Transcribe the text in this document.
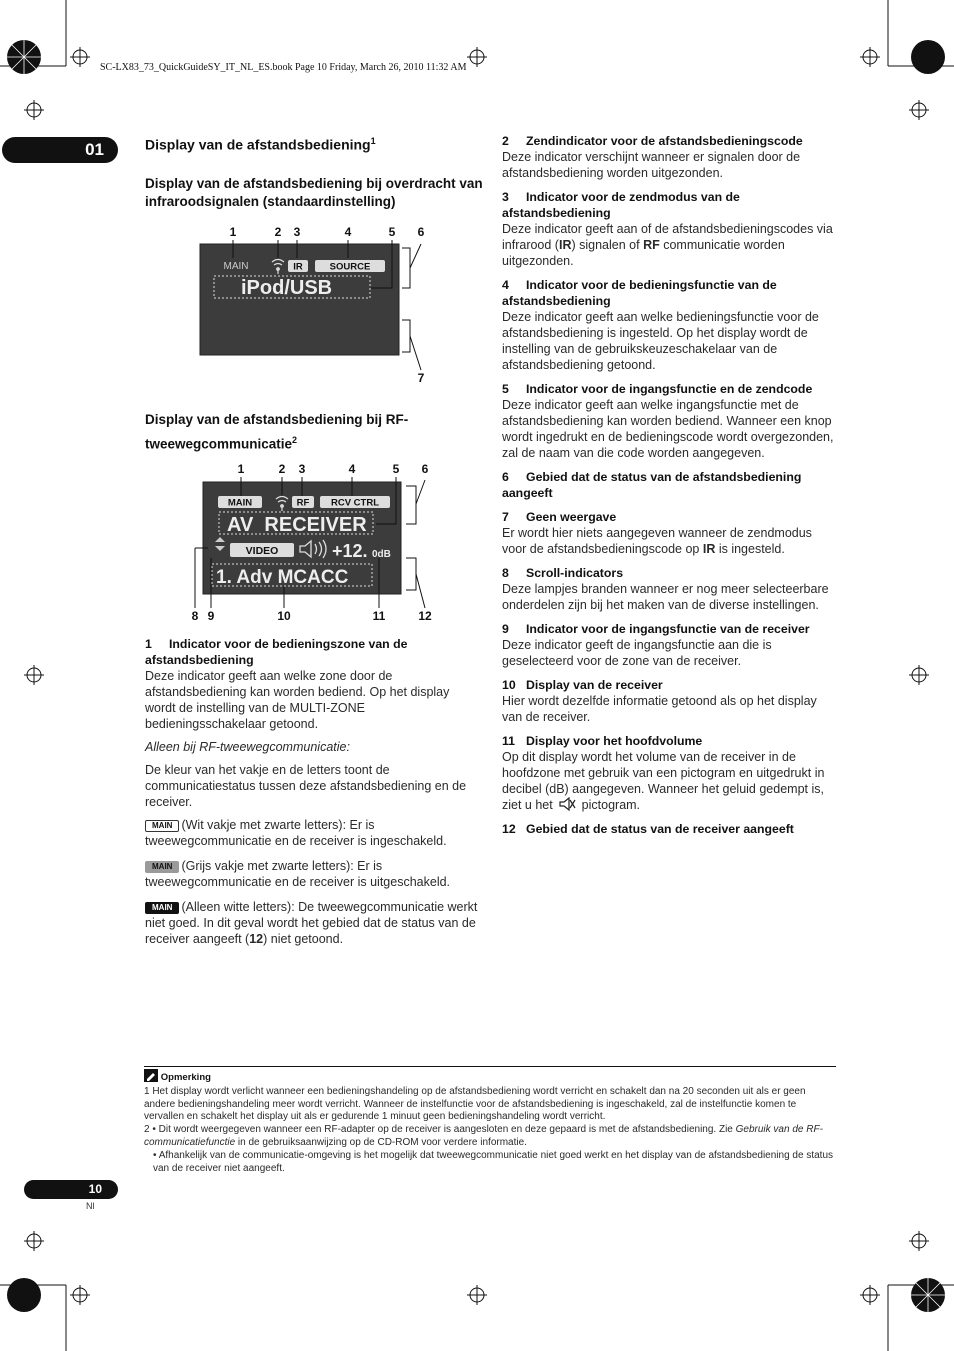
SC-LX83_73_QuickGuideSY_IT_NL_ES.book Page 10 Friday, March 26, 2010 11:32 AM
01	Display van de afstandsbediening$^1$
Display van de afstandsbediening bij overdracht van infraroodsignalen (standaardinstelling)
1	2 3	4	5 6
7
MAIN	IR	SOURCE
iPod/USB
Display van de afstandsbediening bij RF-tweewegcommunicatie$^2$
1	2 3	4	5 6
8 9	10	11	12
MAIN	RF RCV CTRL
AV  RECEIVER
VIDEO	+12. 0dB
1. Adv MCACC
1 Indicator voor de bedieningszone van de afstandsbediening

Deze indicator geeft aan welke zone door de afstandsbediening kan worden bediend. Op het display wordt de instelling van de MULTI-ZONE bedieningsschakelaar getoond.

Alleen bij RF-tweewegcommunicatie:

De kleur van het vakje en de letters toont de communicatiestatus tussen deze afstandsbediening en de receiver.

MAIN (Wit vakje met zwarte letters): Er is tweewegcommunicatie en de receiver is ingeschakeld.

MAIN (Grijs vakje met zwarte letters): Er is tweewegcommunicatie en de receiver is uitgeschakeld.

MAIN (Alleen witte letters): De tweewegcommunicatie werkt niet goed. In dit geval wordt het gebied dat de status van de receiver aangeeft (12) niet getoond.

2 Zendindicator voor de afstandsbedieningscode
Deze indicator verschijnt wanneer er signalen door de afstandsbediening worden uitgezonden.
3 Indicator voor de zendmodus van de afstandsbediening
Deze indicator geeft aan of de afstandsbedieningscodes via infrarood (IR) signalen of RF communicatie worden uitgezonden.
4 Indicator voor de bedieningsfunctie van de afstandsbediening
Deze indicator geeft aan welke bedieningsfunctie voor de afstandsbediening is ingesteld. Op het display wordt de instelling van de gebruikskeuzeschakelaar van de afstandsbediening getoond.
5 Indicator voor de ingangsfunctie en de zendcode
Deze indicator geeft aan welke ingangsfunctie met de afstandsbediening kan worden bediend. Wanneer een knop wordt ingedrukt en de bedieningscode wordt overgezonden, zal de naam van die code worden aangegeven.
6 Gebied dat de status van de afstandsbediening aangeeft
7 Geen weergave
Er wordt hier niets aangegeven wanneer de zendmodus voor de afstandsbedieningscode op IR is ingesteld.
8 Scroll-indicators
Deze lampjes branden wanneer er nog meer selecteerbare onderdelen zijn bij het maken van de diverse instellingen.
9 Indicator voor de ingangsfunctie van de receiver
Deze indicator geeft de ingangsfunctie aan die is geselecteerd voor de zone van de receiver.
10 Display van de receiver
Hier wordt dezelfde informatie getoond als op het display van de receiver.
11 Display voor het hoofdvolume
Op dit display wordt het volume van de receiver in de hoofdzone met gebruik van een pictogram en uitgedrukt in decibel (dB) aangegeven. Wanneer het geluid gedempt is, ziet u het  pictogram.
12 Gebied dat de status van de receiver aangeeft

Opmerking

1 Het display wordt verlicht wanneer een bedieningshandeling op de afstandsbediening wordt verricht en schakelt dan na 20 seconden uit als er geen andere bedieningshandeling meer wordt verricht. Wanneer de instelfunctie voor de afstandsbediening is ingeschakeld, zal de instelfunctie komen te vervallen en schakelt het display uit als er gedurende 1 minuut geen bedieningshandeling wordt verricht.

2 • Dit wordt weergegeven wanneer een RF-adapter op de receiver is aangesloten en deze gepaard is met de afstandsbediening. Zie Gebruik van de RF-communicatiefunctie in de gebruiksaanwijzing op de CD-ROM voor verdere informatie.

• Afhankelijk van de communicatie-omgeving is het mogelijk dat tweewegcommunicatie niet goed werkt en het display van de afstandsbediening de status van de receiver niet aangeeft.

10
Nl
